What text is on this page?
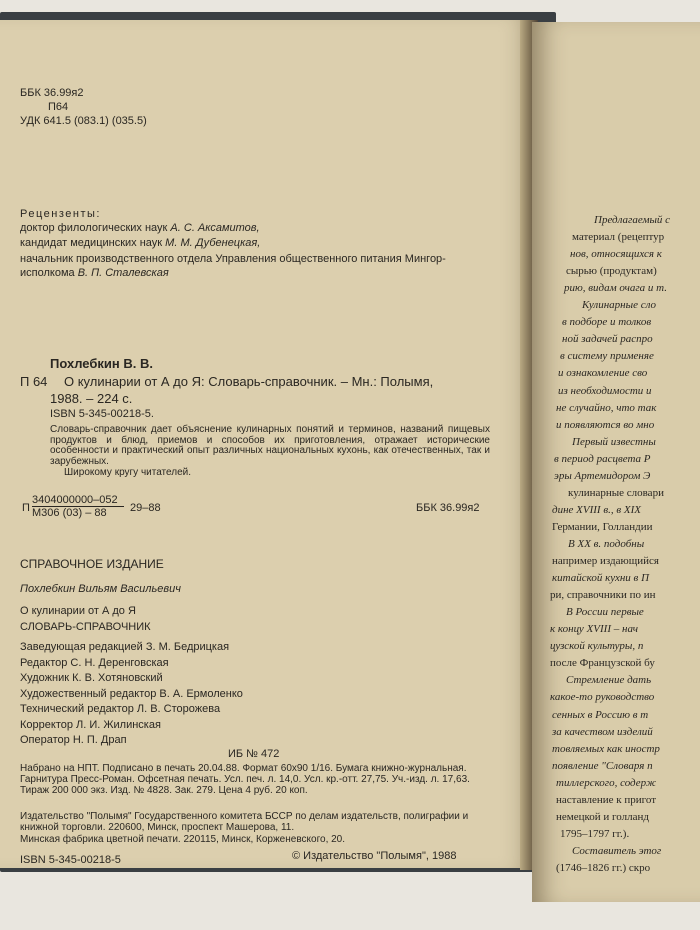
ББК 36.99я2
П64
УДК 641.5 (083.1) (035.5)
Рецензенты:
доктор филологических наук А. С. Аксамитов,
кандидат медицинских наук М. М. Дубенецкая,
начальник производственного отдела Управления общественного питания Мингор-
исполкома В. П. Сталевская
Похлебкин В. В.
П 64 О кулинарии от А до Я: Словарь-справочник. – Мн.: Полымя,
1988. – 224 с.
ISBN 5-345-00218-5.
Словарь-справочник дает объяснение кулинарных понятий и терминов, названий пищевых продуктов и блюд, приемов и способов их приготовления, отражает исторические особенности и практический опыт различных национальных кухонь, как отечественных, так и зарубежных.
Широкому кругу читателей.
П
3404000000–052
М306 (03) – 88	29–88	ББК 36.99я2
СПРАВОЧНОЕ ИЗДАНИЕ
Похлебкин Вильям Васильевич
О кулинарии от А до Я
СЛОВАРЬ-СПРАВОЧНИК
Заведующая редакцией З. М. Бедрицкая
Редактор С. Н. Деренговская
Художник К. В. Хотяновский
Художественный редактор В. А. Ермоленко
Технический редактор Л. В. Сторожева
Корректор Л. И. Жилинская
Оператор Н. П. Драп
ИБ № 472
Набрано на НПТ. Подписано в печать 20.04.88. Формат 60x90 1/16. Бумага книжно-журнальная. Гарнитура Пресс-Роман. Офсетная печать. Усл. печ. л. 14,0. Усл. кр.-отт. 27,75. Уч.-изд. л. 17,63. Тираж 200 000 экз. Изд. № 4828. Зак. 279. Цена 4 руб. 20 коп.
Издательство "Полымя" Государственного комитета БССР по делам издательств, полиграфии и книжной торговли. 220600, Минск, проспект Машерова, 11.
Минская фабрика цветной печати. 220115, Минск, Корженевского, 20.
ISBN 5-345-00218-5	© Издательство "Полымя", 1988
Предлагаемый с
материал (рецептур
нов, относящихся к
сырью (продуктам)
рию, видам очага и т.
Кулинарные сло
в подборе и толков
ной задачей распро
в систему применяе
и ознакомление сво
из необходимости и
не случайно, что так
и появляются во мно
Первый известны
в период расцвета Р
эры Артемидором Э
кулинарные словари
дине XVIII в., в XIX
Германии, Голландии
В XX в. подобны
например издающийся
китайской кухни в П
ри, справочники по ин
В России первые
к концу XVIII – нач
цузской культуры, п
после Французской бу
Стремление дать
какое-то руководство
сенных в Россию в т
за качеством изделий
товляемых как иностр
появление "Словаря п
тиллерского, содерж
наставление к пригот
немецкой и голланд
1795–1797 гг.).
Составитель этог
(1746–1826 гг.) скро
